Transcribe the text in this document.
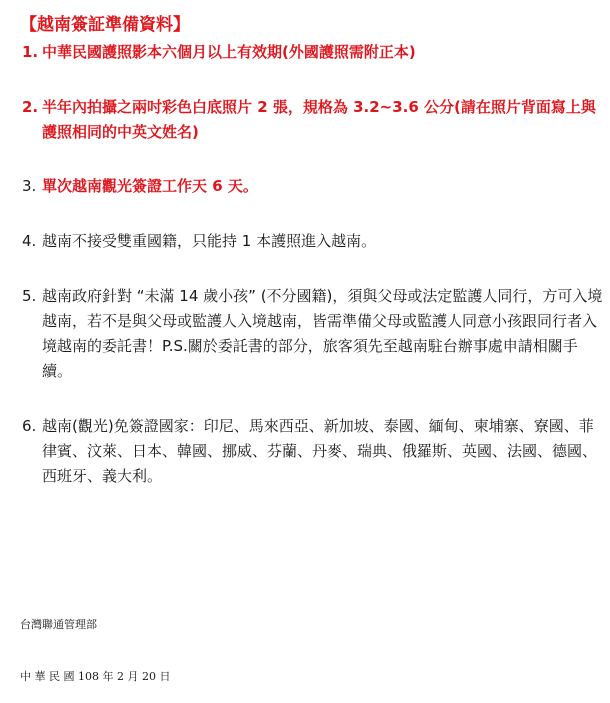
【越南簽証準備資料】
1. 中華民國護照影本六個月以上有效期(外國護照需附正本)
2. 半年內拍攝之兩吋彩色白底照片 2 張，規格為 3.2~3.6 公分(請在照片背面寫上與護照相同的中英文姓名)
3. 單次越南觀光簽證工作天 6 天。
4. 越南不接受雙重國籍，只能持 1 本護照進入越南。
5. 越南政府針對 “未滿 14 歲小孩” (不分國籍)，須與父母或法定監護人同行，方可入境越南，若不是與父母或監護人入境越南，皆需準備父母或監護人同意小孩跟同行者入境越南的委託書！P.S.關於委託書的部分，旅客須先至越南駐台辦事處申請相關手續。
6. 越南(觀光)免簽證國家：印尼、馬來西亞、新加坡、泰國、緬甸、柬埔寨、寮國、菲律賓、汶萊、日本、韓國、挪威、芬蘭、丹麥、瑞典、俄羅斯、英國、法國、德國、西班牙、義大利。
台灣聯通管理部
中 華 民 國 108 年 2 月 20 日
